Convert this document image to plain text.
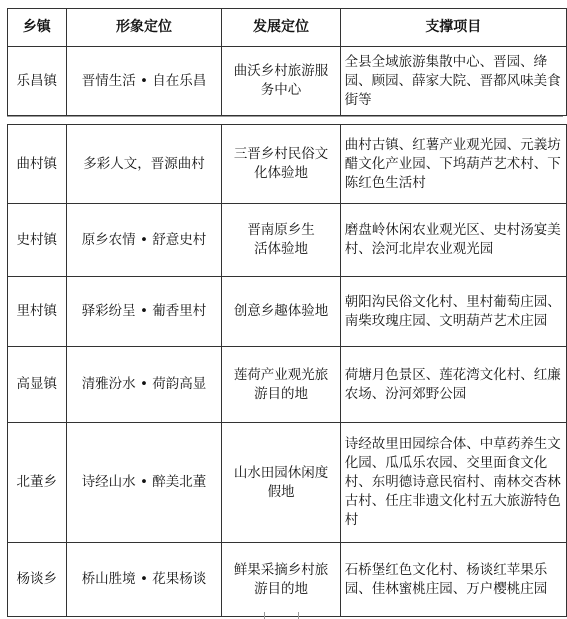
乡镇	形象定位	发展定位	支撑项目
乐昌镇	晋情生活 • 自在乐昌	曲沃乡村旅游服务中心	全县全域旅游集散中心、晋园、绛园、顾园、薛家大院、晋都风味美食街等
曲村镇	多彩人文，晋源曲村	三晋乡村民俗文化体验地	曲村古镇、红薯产业观光园、元義坊醋文化产业园、下坞葫芦艺术村、下陈红色生活村
史村镇	原乡农情 • 舒意史村	晋南原乡生活体验地	磨盘岭休闲农业观光区、史村汤宴美村、浍河北岸农业观光园
里村镇	驿彩纷呈 • 葡香里村	创意乡趣体验地	朝阳沟民俗文化村、里村葡萄庄园、南柴玫瑰庄园、文明葫芦艺术庄园
高显镇	清雅汾水 • 荷韵高显	莲荷产业观光旅游目的地	荷塘月色景区、莲花湾文化村、红廉农场、汾河郊野公园
北董乡	诗经山水 • 醉美北董	山水田园休闲度假地	诗经故里田园综合体、中草药养生文化园、瓜瓜乐农园、交里面食文化村、东明德诗意民宿村、南林交杏林古村、任庄非遗文化村五大旅游特色村
杨谈乡	桥山胜境 • 花果杨谈	鲜果采摘乡村旅游目的地	石桥堡红色文化村、杨谈红苹果乐园、佳林蜜桃庄园、万户樱桃庄园
